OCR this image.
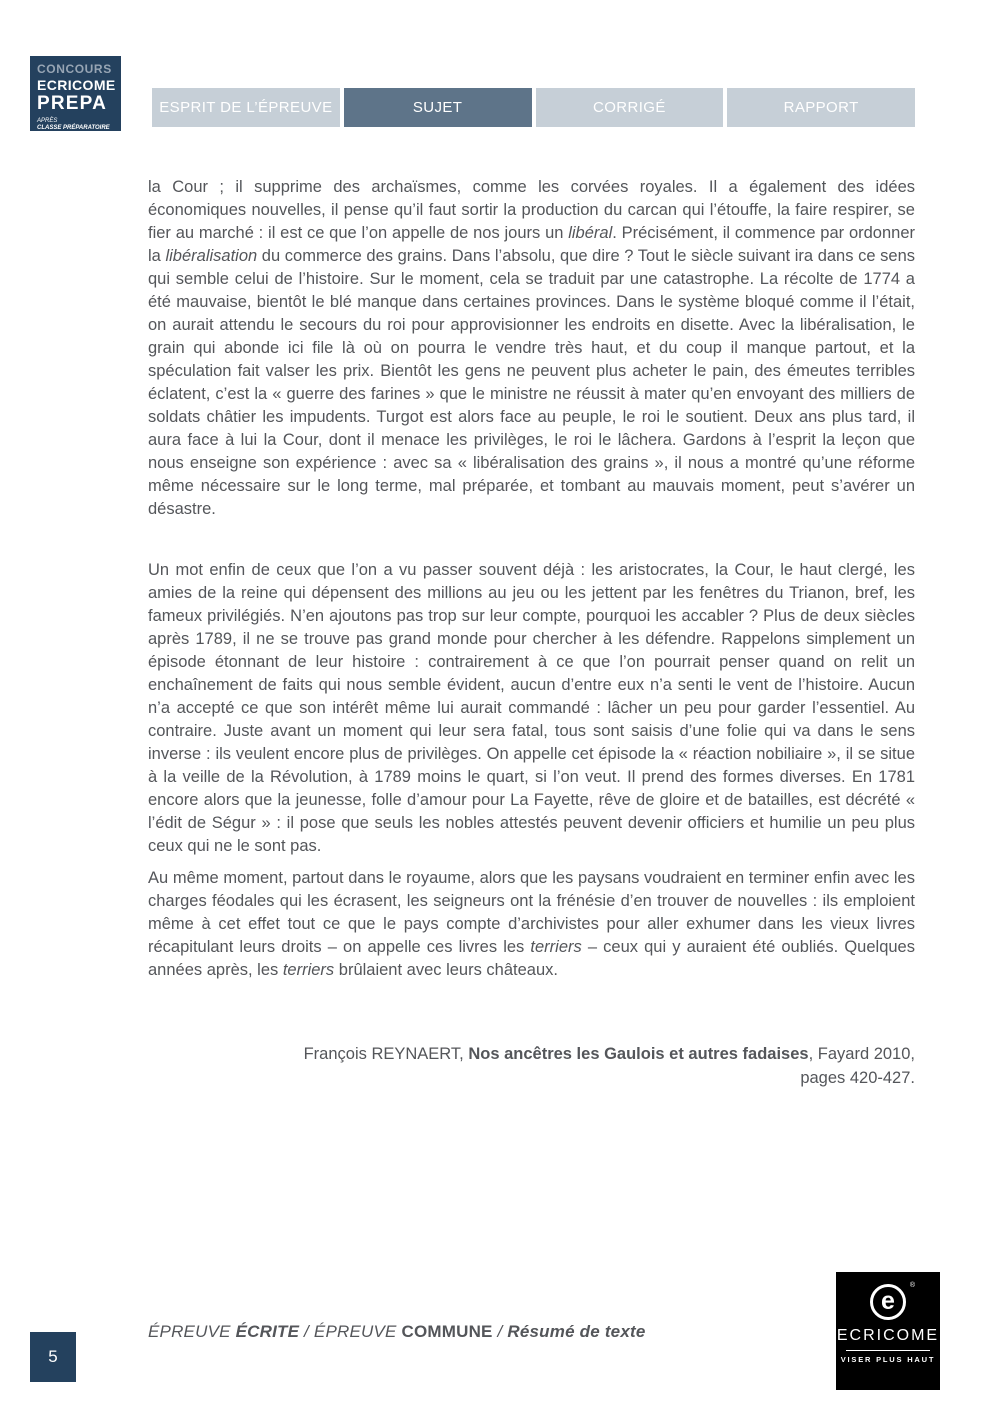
CONCOURS
ECRICOME
PREPA
APRÈS
CLASSE PRÉPARATOIRE
ESPRIT DE L’ÉPREUVE	SUJET	CORRIGÉ	RAPPORT

la Cour ; il supprime des archaïsmes, comme les corvées royales. Il a également des idées économiques nouvelles, il pense qu’il faut sortir la production du carcan qui l’étouffe, la faire respirer, se fier au marché : il est ce que l’on appelle de nos jours un libéral. Précisément, il commence par ordonner la libéralisation du commerce des grains. Dans l’absolu, que dire ? Tout le siècle suivant ira dans ce sens qui semble celui de l’histoire. Sur le moment, cela se traduit par une catastrophe. La récolte de 1774 a été mauvaise, bientôt le blé manque dans certaines provinces. Dans le système bloqué comme il l’était, on aurait attendu le secours du roi pour approvisionner les endroits en disette. Avec la libéralisation, le grain qui abonde ici file là où on pourra le vendre très haut, et du coup il manque partout, et la spéculation fait valser les prix. Bientôt les gens ne peuvent plus acheter le pain, des émeutes terribles éclatent, c’est la « guerre des farines » que le ministre ne réussit à mater qu’en envoyant des milliers de soldats châtier les impudents. Turgot est alors face au peuple, le roi le soutient. Deux ans plus tard, il aura face à lui la Cour, dont il menace les privilèges, le roi le lâchera. Gardons à l’esprit la leçon que nous enseigne son expérience : avec sa « libéralisation des grains », il nous a montré qu’une réforme même nécessaire sur le long terme, mal préparée, et tombant au mauvais moment, peut s’avérer un désastre.

Un mot enfin de ceux que l’on a vu passer souvent déjà : les aristocrates, la Cour, le haut clergé, les amies de la reine qui dépensent des millions au jeu ou les jettent par les fenêtres du Trianon, bref, les fameux privilégiés. N’en ajoutons pas trop sur leur compte, pourquoi les accabler ? Plus de deux siècles après 1789, il ne se trouve pas grand monde pour chercher à les défendre. Rappelons simplement un épisode étonnant de leur histoire : contrairement à ce que l’on pourrait penser quand on relit un enchaînement de faits qui nous semble évident, aucun d’entre eux n’a senti le vent de l’histoire. Aucun n’a accepté ce que son intérêt même lui aurait commandé : lâcher un peu pour garder l’essentiel. Au contraire. Juste avant un moment qui leur sera fatal, tous sont saisis d’une folie qui va dans le sens inverse : ils veulent encore plus de privilèges. On appelle cet épisode la « réaction nobiliaire », il se situe à la veille de la Révolution, à 1789 moins le quart, si l’on veut. Il prend des formes diverses. En 1781 encore alors que la jeunesse, folle d’amour pour La Fayette, rêve de gloire et de batailles, est décrété « l’édit de Ségur » : il pose que seuls les nobles attestés peuvent devenir officiers et humilie un peu plus ceux qui ne le sont pas.

Au même moment, partout dans le royaume, alors que les paysans voudraient en terminer enfin avec les charges féodales qui les écrasent, les seigneurs ont la frénésie d’en trouver de nouvelles : ils emploient même à cet effet tout ce que le pays compte d’archivistes pour aller exhumer dans les vieux livres récapitulant leurs droits – on appelle ces livres les terriers – ceux qui y auraient été oubliés. Quelques années après, les terriers brûlaient avec leurs châteaux.

François REYNAERT, Nos ancêtres les Gaulois et autres fadaises, Fayard 2010,
pages 420-427.
5
ÉPREUVE ÉCRITE / ÉPREUVE COMMUNE / Résumé de texte
e
®
ECRICOME
VISER PLUS HAUT
